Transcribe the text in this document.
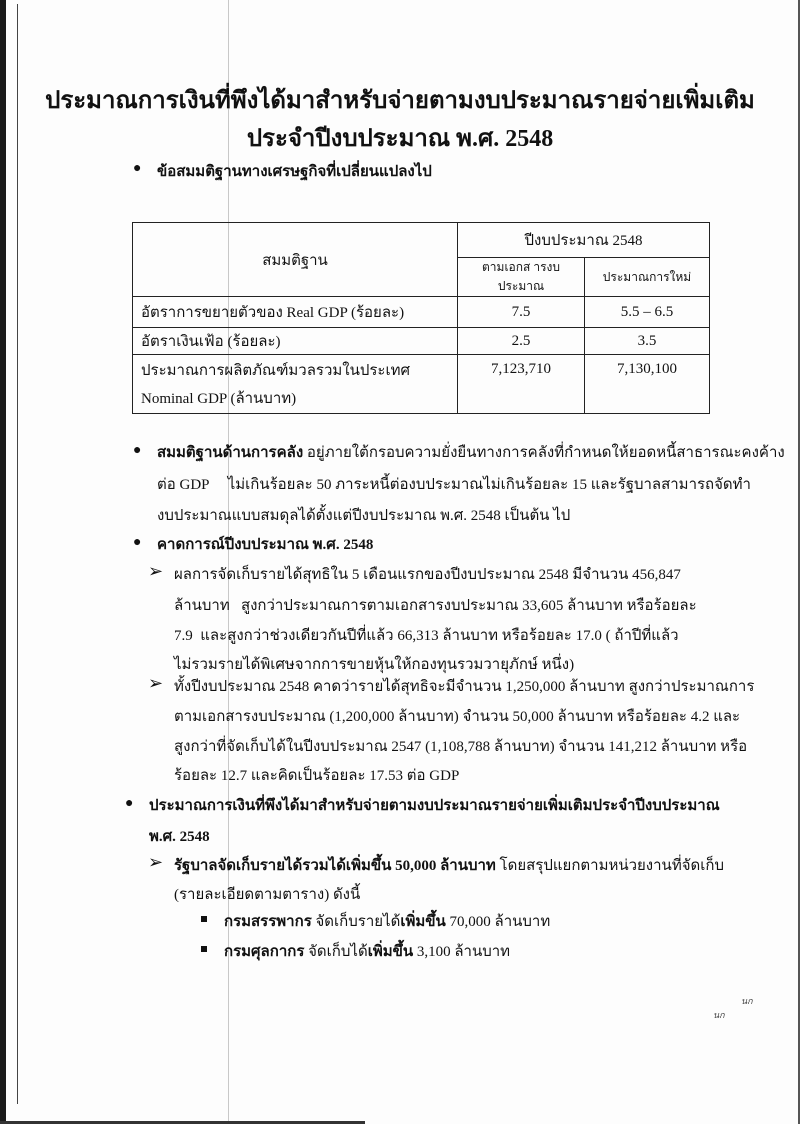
ประมาณการเงินที่พึงได้มาสำหรับจ่ายตามงบประมาณรายจ่ายเพิ่มเติม
ประจำปีงบประมาณ พ.ศ. 2548
● ข้อสมมติฐานทางเศรษฐกิจที่เปลี่ยนแปลงไป
สมมติฐาน	ปีงบประมาณ 2548	
	ตามเอกส ารงบประมาณ	ประมาณการใหม่
อัตราการขยายตัวของ Real GDP (ร้อยละ)	7.5	5.5 – 6.5
อัตราเงินเฟ้อ (ร้อยละ)	2.5	3.5

ประมาณการผลิตภัณฑ์มวลรวมในประเทศ
Nominal GDP (ล้านบาท)	7,123,710	7,130,100
● สมมติฐานด้านการคลัง อยู่ภายใต้กรอบความยั่งยืนทางการคลังที่กำหนดให้ยอดหนี้สาธารณะคงค้าง
ต่อ GDP     ไม่เกินร้อยละ 50 ภาระหนี้ต่องบประมาณไม่เกินร้อยละ 15 และรัฐบาลสามารถจัดทำ
งบประมาณแบบสมดุลได้ตั้งแต่ปีงบประมาณ พ.ศ. 2548 เป็นต้น ไป
● คาดการณ์ปีงบประมาณ พ.ศ. 2548
➢ ผลการจัดเก็บรายได้สุทธิใน 5 เดือนแรกของปีงบประมาณ 2548 มีจำนวน 456,847
ล้านบาท   สูงกว่าประมาณการตามเอกสารงบประมาณ 33,605 ล้านบาท หรือร้อยละ
7.9  และสูงกว่าช่วงเดียวกันปีที่แล้ว 66,313 ล้านบาท หรือร้อยละ 17.0 ( ถ้าปีที่แล้ว
ไม่รวมรายได้พิเศษจากการขายหุ้นให้กองทุนรวมวายุภักษ์ หนึ่ง)
➢ ทั้งปีงบประมาณ 2548 คาดว่ารายได้สุทธิจะมีจำนวน 1,250,000 ล้านบาท สูงกว่าประมาณการ
ตามเอกสารงบประมาณ (1,200,000 ล้านบาท) จำนวน 50,000 ล้านบาท หรือร้อยละ 4.2 และ
สูงกว่าที่จัดเก็บได้ในปีงบประมาณ 2547 (1,108,788 ล้านบาท) จำนวน 141,212 ล้านบาท หรือ
ร้อยละ 12.7 และคิดเป็นร้อยละ 17.53 ต่อ GDP
● ประมาณการเงินที่พึงได้มาสำหรับจ่ายตามงบประมาณรายจ่ายเพิ่มเติมประจำปีงบประมาณ
พ.ศ. 2548
➢ รัฐบาลจัดเก็บรายได้รวมได้เพิ่มขึ้น 50,000 ล้านบาท โดยสรุปแยกตามหน่วยงานที่จัดเก็บ
(รายละเอียดตามตาราง) ดังนี้
กรมสรรพากร จัดเก็บรายได้เพิ่มขึ้น 70,000 ล้านบาท
กรมศุลกากร จัดเก็บได้เพิ่มขึ้น 3,100 ล้านบาท
นก
นก
